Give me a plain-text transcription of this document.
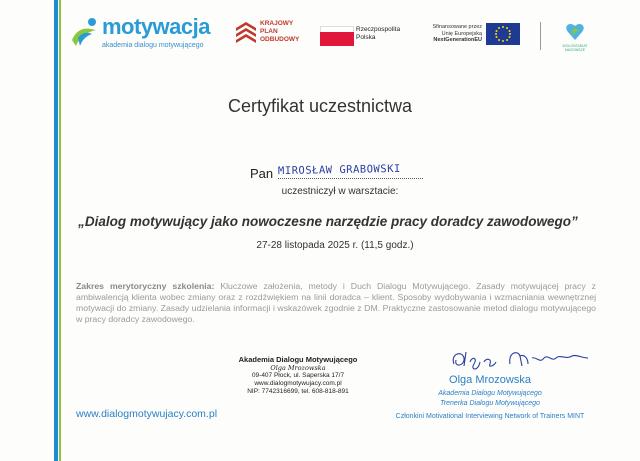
motywacja
akademia dialogu motywującego
KRAJOWY
PLAN
ODBUDOWY
Rzeczpospolita
Polska
Sfinansowane przez
Unię Europejską
NextGenerationEU
WOLONTARIAT MAZOWSZE
Certyfikat uczestnictwa
Pan MIROSŁAW GRABOWSKI
uczestniczył w warsztacie:
„Dialog motywujący jako nowoczesne narzędzie pracy doradcy zawodowego”
27-28 listopada 2025 r. (11,5 godz.)
Zakres merytoryczny szkolenia: Kluczowe założenia, metody i Duch Dialogu Motywującego. Zasady motywującej pracy z ambiwalencją klienta wobec zmiany oraz z rozdźwiękiem na linii doradca – klient. Sposoby wydobywania i wzmacniania wewnętrznej motywacji do zmiany. Zasady udzielania informacji i wskazówek zgodnie z DM. Praktyczne zastosowanie metod dialogu motywującego w pracy doradcy zawodowego.
Akademia Dialogu Motywującego
Olga Mrozowska
09-407 Płock, ul. Saperska 17/7
www.dialogmotywujacy.com.pl
NIP: 7742316699, tel. 608-818-891
Olga Mrozowska
Akademia Dialogu Motywującego
Trenerka Dialogu Motywującego
Członkini Motivational Interviewing Network of Trainers MINT
www.dialogmotywujacy.com.pl
